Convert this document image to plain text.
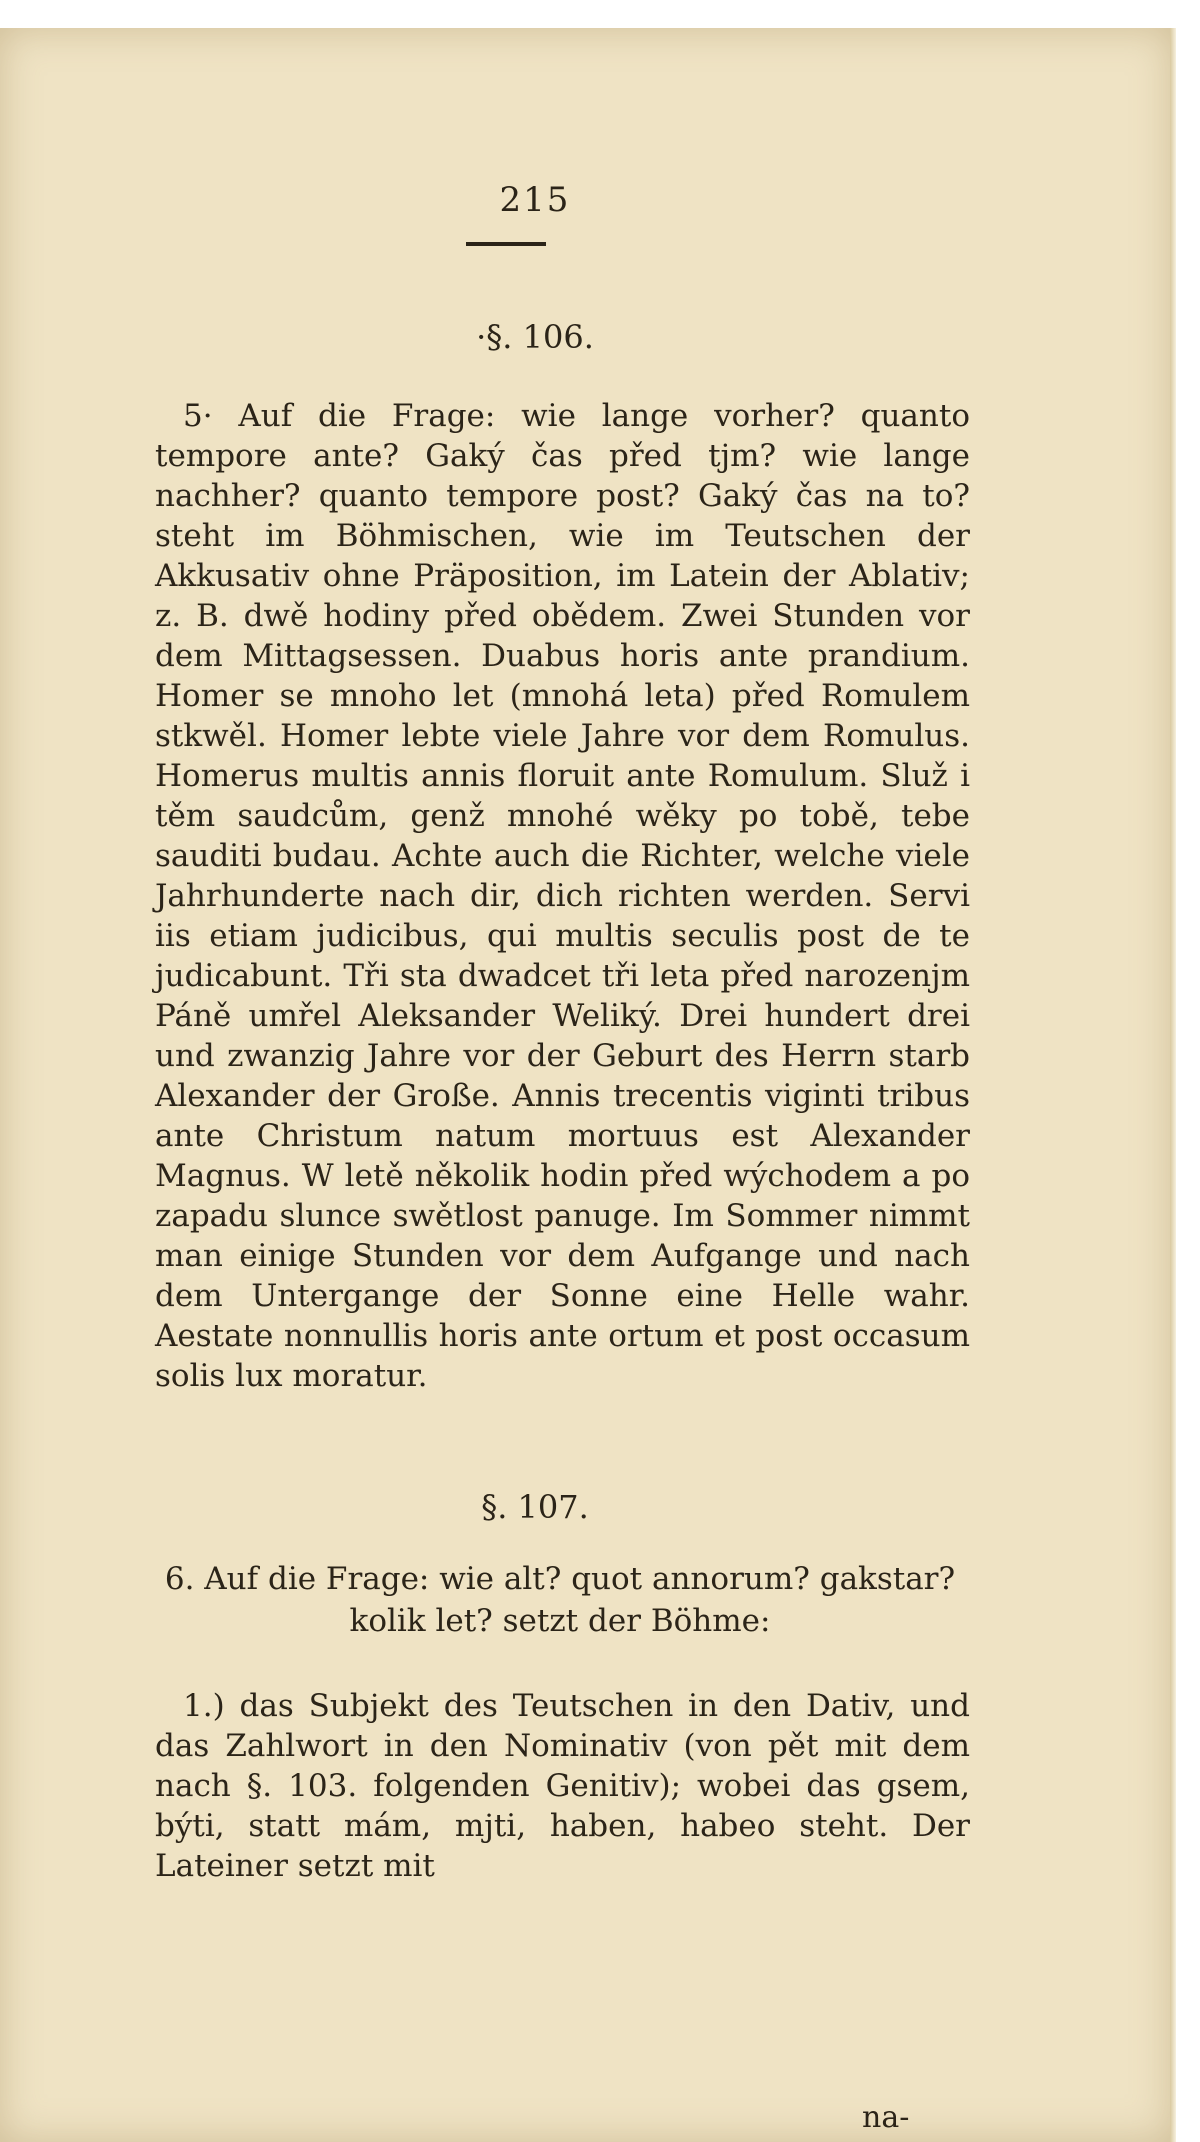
215
·§. 106.

5· Auf die Frage: wie lange vorher? quanto tempore ante? Gaký čas před tjm? wie lange nachher? quanto tempore post? Gaký čas na to? steht im Böhmischen, wie im Teutschen der Akkusativ ohne Präposition, im Latein der Ablativ; z. B. dwě hodiny před obědem. Zwei Stunden vor dem Mittagsessen. Duabus horis ante prandium. Homer se mnoho let (mnohá leta) před Romulem stkwěl. Homer lebte viele Jahre vor dem Romulus. Homerus multis annis floruit ante Romulum. Služ i těm saudcům, genž mnohé wěky po tobě, tebe sauditi budau. Achte auch die Richter, welche viele Jahrhunderte nach dir, dich richten werden. Servi iis etiam judicibus, qui multis seculis post de te judicabunt. Tři sta dwadcet tři leta před narozenjm Páně umřel Aleksander Weliký. Drei hundert drei und zwanzig Jahre vor der Geburt des Herrn starb Alexander der Große. Annis trecentis viginti tribus ante Christum natum mortuus est Alexander Magnus. W letě několik hodin před wýchodem a po zapadu slunce swětlost panuge. Im Sommer nimmt man einige Stunden vor dem Aufgange und nach dem Untergange der Sonne eine Helle wahr. Aestate nonnullis horis ante ortum et post occasum solis lux moratur.

§. 107.
6. Auf die Frage: wie alt? quot annorum? gakstar? kolik let? setzt der Böhme:

1.) das Subjekt des Teutschen in den Dativ, und das Zahlwort in den Nominativ (von pět mit dem nach §. 103. folgenden Genitiv); wobei das gsem, býti, statt mám, mjti, haben, habeo steht. Der Lateiner setzt mit

na-
